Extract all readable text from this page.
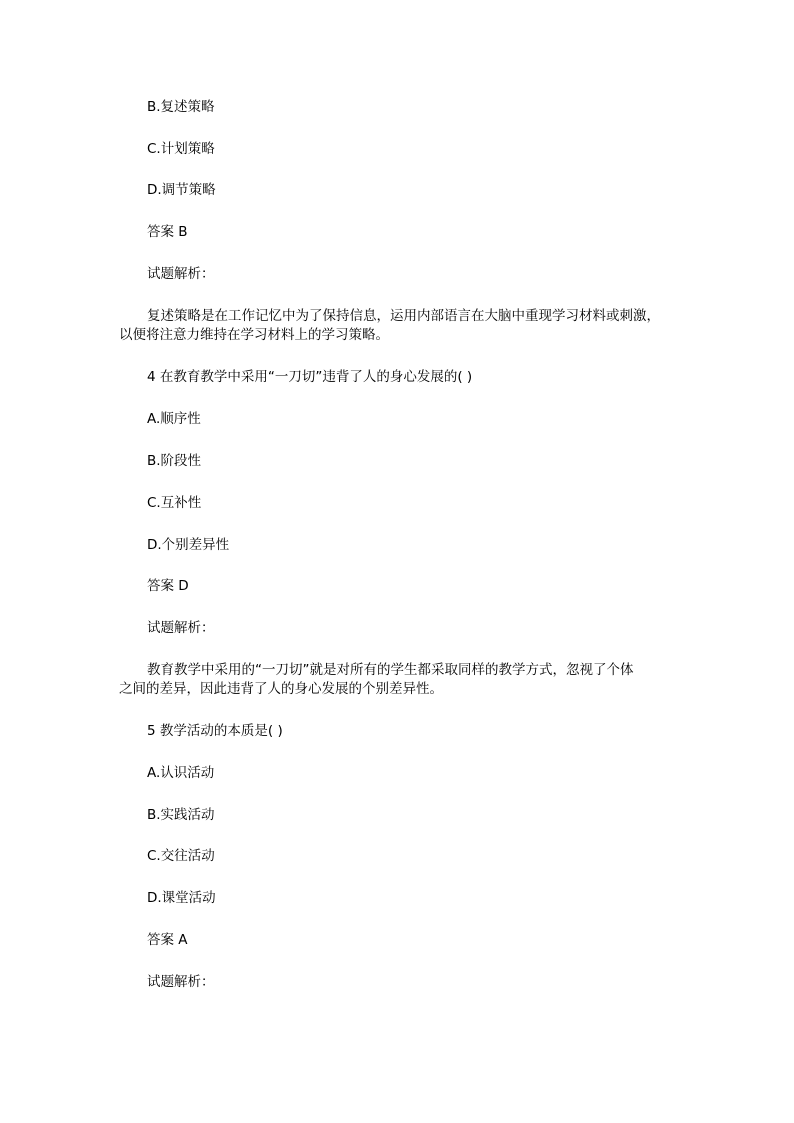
B.复述策略
C.计划策略
D.调节策略
答案 B
试题解析：
复述策略是在工作记忆中为了保持信息，运用内部语言在大脑中重现学习材料或刺激，
以便将注意力维持在学习材料上的学习策略。
4 在教育教学中采用“一刀切”违背了人的身心发展的( )
A.顺序性
B.阶段性
C.互补性
D.个别差异性
答案 D
试题解析：
教育教学中采用的“一刀切”就是对所有的学生都采取同样的教学方式，忽视了个体
之间的差异，因此违背了人的身心发展的个别差异性。
5 教学活动的本质是( )
A.认识活动
B.实践活动
C.交往活动
D.课堂活动
答案 A
试题解析：
